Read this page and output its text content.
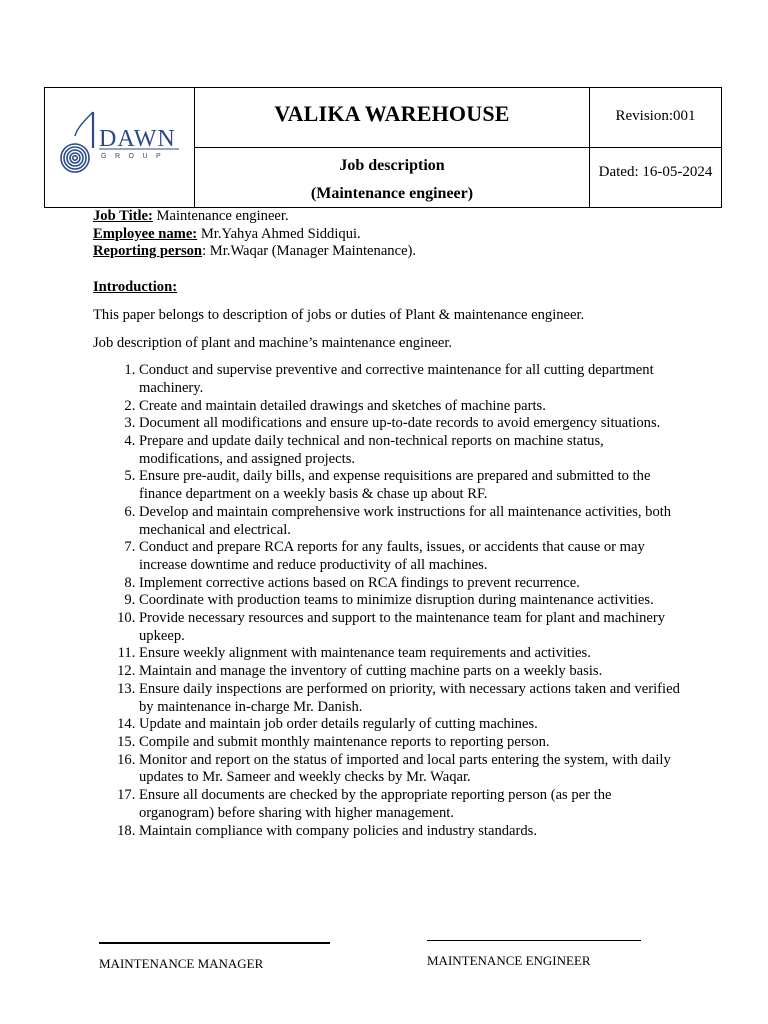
DAWN
GROUP
VALIKA WAREHOUSE	Revision:001
Job description
(Maintenance engineer)
Dated: 16-05-2024

Job Title: Maintenance engineer.

Employee name: Mr.Yahya Ahmed Siddiqui.

Reporting person: Mr.Waqar (Manager Maintenance).

Introduction:

This paper belongs to description of jobs or duties of Plant & maintenance engineer.

Job description of plant and machine’s maintenance engineer.

1. Conduct and supervise preventive and corrective maintenance for all cutting department machinery.
2. Create and maintain detailed drawings and sketches of machine parts.
3. Document all modifications and ensure up-to-date records to avoid emergency situations.
4. Prepare and update daily technical and non-technical reports on machine status, modifications, and assigned projects.
5. Ensure pre-audit, daily bills, and expense requisitions are prepared and submitted to the finance department on a weekly basis & chase up about RF.
6. Develop and maintain comprehensive work instructions for all maintenance activities, both mechanical and electrical.
7. Conduct and prepare RCA reports for any faults, issues, or accidents that cause or may increase downtime and reduce productivity of all machines.
8. Implement corrective actions based on RCA findings to prevent recurrence.
9. Coordinate with production teams to minimize disruption during maintenance activities.
10. Provide necessary resources and support to the maintenance team for plant and machinery upkeep.
11. Ensure weekly alignment with maintenance team requirements and activities.
12. Maintain and manage the inventory of cutting machine parts on a weekly basis.
13. Ensure daily inspections are performed on priority, with necessary actions taken and verified by maintenance in-charge Mr. Danish.
14. Update and maintain job order details regularly of cutting machines.
15. Compile and submit monthly maintenance reports to reporting person.
16. Monitor and report on the status of imported and local parts entering the system, with daily updates to Mr. Sameer and weekly checks by Mr. Waqar.
17. Ensure all documents are checked by the appropriate reporting person (as per the organogram) before sharing with higher management.
18. Maintain compliance with company policies and industry standards.
MAINTENANCE MANAGER	MAINTENANCE ENGINEER
